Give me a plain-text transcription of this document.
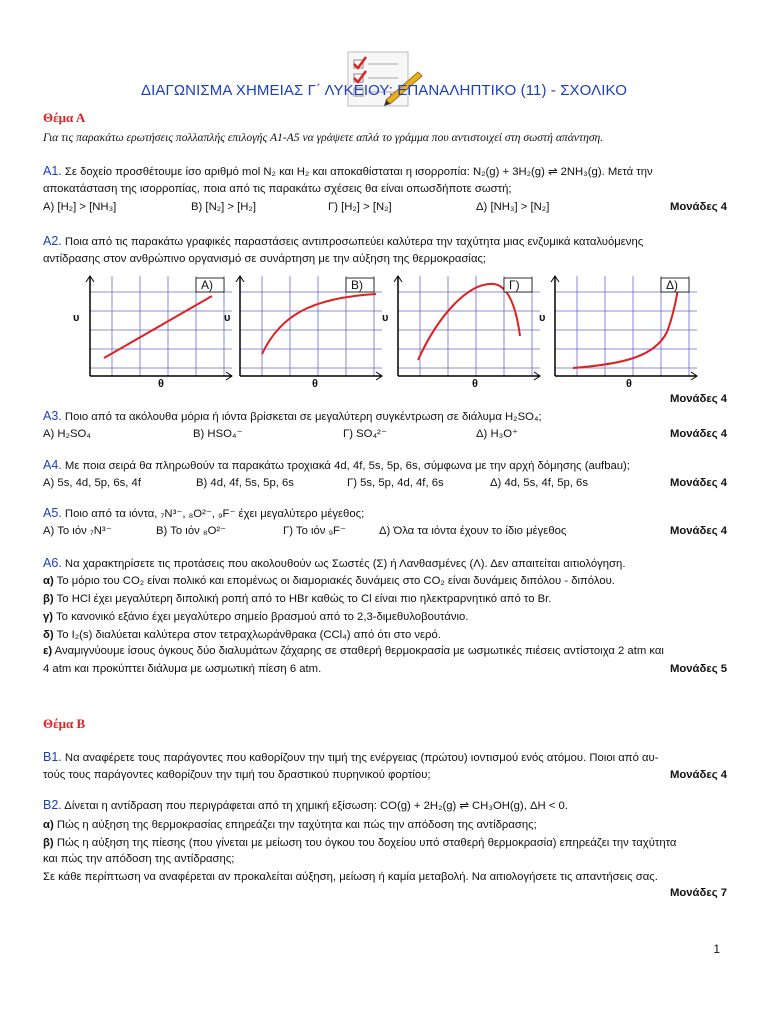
ΔΙΑΓΩΝΙΣΜΑ ΧΗΜΕΙΑΣ Γ΄ ΛΥΚΕΙΟΥ: ΕΠΑΝΑΛΗΠΤΙΚΟ (11) - ΣΧΟΛΙΚΟ
Θέμα Α
Για τις παρακάτω ερωτήσεις πολλαπλής επιλογής Α1-Α5 να γράψετε απλά το γράμμα που αντιστοιχεί στη σωστή απάντηση.
Α1. Σε δοχείο προσθέτουμε ίσο αριθμό mol N₂ και H₂ και αποκαθίσταται η ισορροπία: N₂(g) + 3H₂(g) ⇌ 2NH₃(g). Μετά την
αποκατάσταση της ισορροπίας, ποια από τις παρακάτω σχέσεις θα είναι οπωσδήποτε σωστή;
Α) [H₂] > [NH₃]	Β) [N₂] > [H₂]	Γ) [H₂] > [N₂]	Δ) [NH₃] > [N₂]	Μονάδες 4
Α2. Ποια από τις παρακάτω γραφικές παραστάσεις αντιπροσωπεύει καλύτερα την ταχύτητα μιας ενζυμικά καταλυόμενης
αντίδρασης στον ανθρώπινο οργανισμό σε συνάρτηση με την αύξηση της θερμοκρασίας;
Α)	Β)	Γ)	Δ)
υ	υ	υ	υ
θ	θ	θ	θ
Μονάδες 4
Α3. Ποιο από τα ακόλουθα μόρια ή ιόντα βρίσκεται σε μεγαλύτερη συγκέντρωση σε διάλυμα H₂SO₄;
Α) H₂SO₄	Β) HSO₄⁻	Γ) SO₄²⁻	Δ) H₃O⁺	Μονάδες 4
Α4. Με ποια σειρά θα πληρωθούν τα παρακάτω τροχιακά 4d, 4f, 5s, 5p, 6s, σύμφωνα με την αρχή δόμησης (aufbau);
Α) 5s, 4d, 5p, 6s, 4f	Β) 4d, 4f, 5s, 5p, 6s	Γ) 5s, 5p, 4d, 4f, 6s	Δ) 4d, 5s, 4f, 5p, 6s	Μονάδες 4
Α5. Ποιο από τα ιόντα, ₇N³⁻, ₈O²⁻, ₉F⁻ έχει μεγαλύτερο μέγεθος;
Α) Το ιόν ₇N³⁻	Β) Το ιόν ₈O²⁻	Γ) Το ιόν ₉F⁻	Δ) Όλα τα ιόντα έχουν το ίδιο μέγεθος	Μονάδες 4
Α6. Να χαρακτηρίσετε τις προτάσεις που ακολουθούν ως Σωστές (Σ) ή Λανθασμένες (Λ). Δεν απαιτείται αιτιολόγηση.
α) Το μόριο του CO₂ είναι πολικό και επομένως οι διαμοριακές δυνάμεις στο CO₂ είναι δυνάμεις διπόλου - διπόλου.
β) Το HCl έχει μεγαλύτερη διπολική ροπή από το HBr καθώς το Cl είναι πιο ηλεκτραρνητικό από το Br.
γ) Το κανονικό εξάνιο έχει μεγαλύτερο σημείο βρασμού από το 2,3-διμεθυλοβουτάνιο.
δ) Το I₂(s) διαλύεται καλύτερα στον τετραχλωράνθρακα (CCl₄) από ότι στο νερό.
ε) Αναμιγνύουμε ίσους όγκους δύο διαλυμάτων ζάχαρης σε σταθερή θερμοκρασία με ωσμωτικές πιέσεις αντίστοιχα 2 atm και
4 atm και προκύπτει διάλυμα με ωσμωτική πίεση 6 atm.	Μονάδες 5
Θέμα Β
Β1. Να αναφέρετε τους παράγοντες που καθορίζουν την τιμή της ενέργειας (πρώτου) ιοντισμού ενός ατόμου. Ποιοι από αυ-
τούς τους παράγοντες καθορίζουν την τιμή του δραστικού πυρηνικού φορτίου;	Μονάδες 4
Β2. Δίνεται η αντίδραση που περιγράφεται από τη χημική εξίσωση: CO(g) + 2H₂(g) ⇌ CH₃OH(g), ΔH < 0.
α) Πώς η αύξηση της θερμοκρασίας επηρεάζει την ταχύτητα και πώς την απόδοση της αντίδρασης;
β) Πώς η αύξηση της πίεσης (που γίνεται με μείωση του όγκου του δοχείου υπό σταθερή θερμοκρασία) επηρεάζει την ταχύτητα
και πώς την απόδοση της αντίδρασης;
Σε κάθε περίπτωση να αναφέρεται αν προκαλείται αύξηση, μείωση ή καμία μεταβολή. Να αιτιολογήσετε τις απαντήσεις σας.
Μονάδες 7
1
